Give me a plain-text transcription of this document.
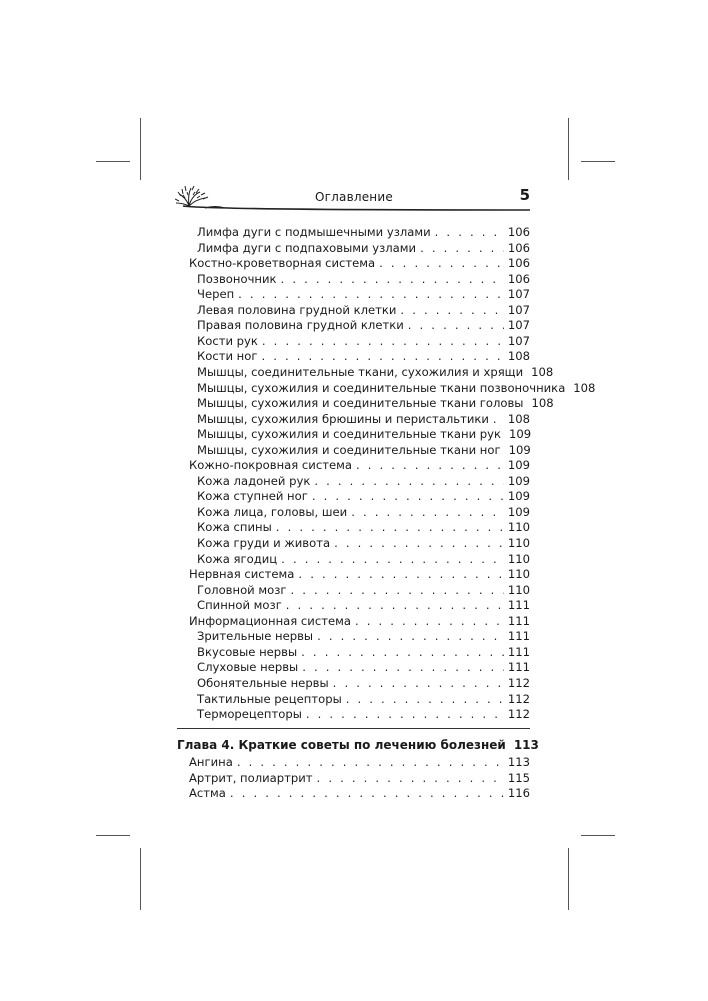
Оглавление	5
Лимфа дуги с подмышечными узлами . . .	106
Лимфа дуги с подпаховыми узлами . . .	106
Костно-кроветворная система . . .	106
Позвоночник . . .	106
Череп . . .	107
Левая половина грудной клетки . . .	107
Правая половина грудной клетки . . .	107
Кости рук . . .	107
Кости ног . . .	108
Мышцы, соединительные ткани, сухожилия и хрящи 108
Мышцы, сухожилия и соединительные ткани позвоночника 108
Мышцы, сухожилия и соединительные ткани головы 108
Мышцы, сухожилия брюшины и перистальтики . . . 108
Мышцы, сухожилия и соединительные ткани рук 109
Мышцы, сухожилия и соединительные ткани ног 109
Кожно-покровная система . . .	109
Кожа ладоней рук . . .	109
Кожа ступней ног . . .	109
Кожа лица, головы, шеи . . .	109
Кожа спины . . .	110
Кожа груди и живота . . .	110
Кожа ягодиц . . .	110
Нервная система . . .	110
Головной мозг . . .	110
Спинной мозг . . .	111
Информационная система . . .	111
Зрительные нервы . . .	111
Вкусовые нервы . . .	111
Слуховые нервы . . .	111
Обонятельные нервы . . .	112
Тактильные рецепторы . . .	112
Терморецепторы . . .	112
Глава 4. Краткие советы по лечению болезней 113
Ангина . . .	113
Артрит, полиартрит . . .	115
Астма . . .	116
